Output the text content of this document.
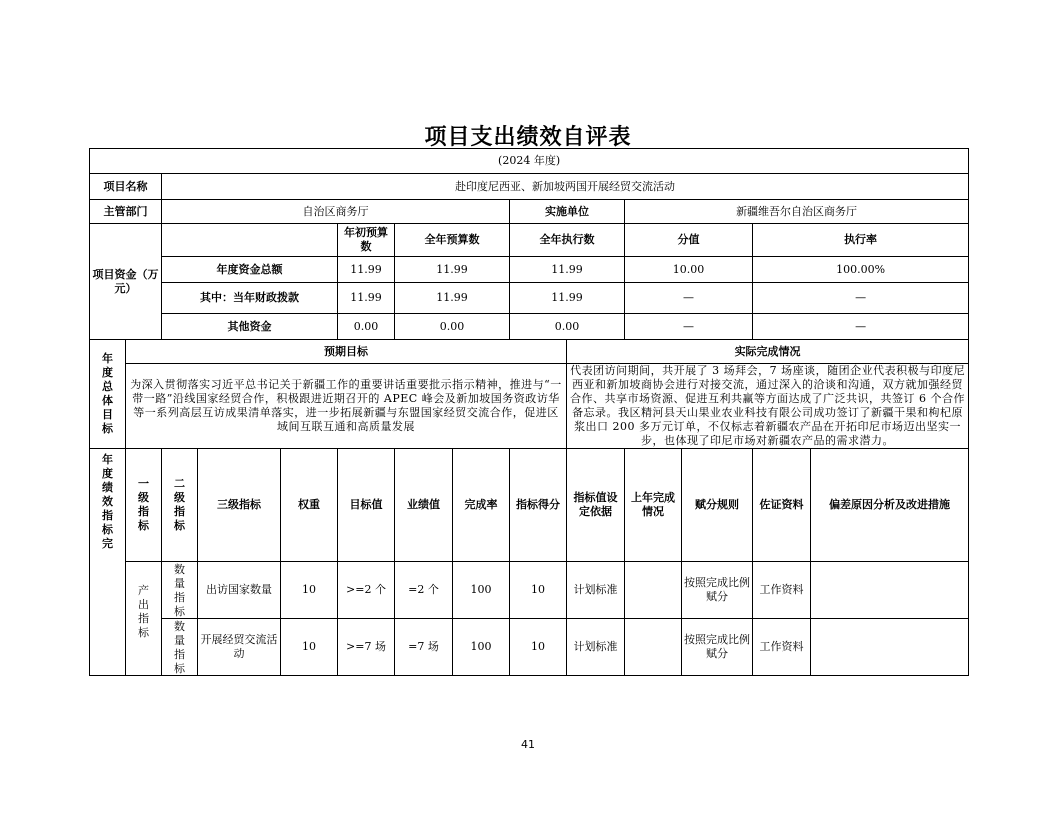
项目支出绩效自评表
(2024 年度)														
项目名称		赴印度尼西亚、新加坡两国开展经贸交流活动												
主管部门		自治区商务厅						实施单位		新疆维吾尔自治区商务厅				
项目资金（万元）					年初预算数	全年预算数		全年执行数		分值		执行率	
		年度资金总额			11.99	11.99		11.99		10.00		100.00%	
		其中：当年财政拨款			11.99	11.99		11.99		—		—	
		其他资金			0.00	0.00		0.00		—		—	
年度总体目标	预期目标								实际完成情况					
	为深入贯彻落实习近平总书记关于新疆工作的重要讲话重要批示指示精神，推进与“一带一路”沿线国家经贸合作，积极跟进近期召开的 APEC 峰会及新加坡国务资政访华等一系列高层互访成果清单落实，进一步拓展新疆与东盟国家经贸交流合作，促进区域间互联互通和高质量发展								代表团访问期间，共开展了 3 场拜会，7 场座谈，随团企业代表积极与印度尼西亚和新加坡商协会进行对接交流，通过深入的洽谈和沟通，双方就加强经贸合作、共享市场资源、促进互利共赢等方面达成了广泛共识，共签订 6 个合作备忘录。我区精河县天山果业农业科技有限公司成功签订了新疆干果和枸杞原浆出口 200 多万元订单，不仅标志着新疆农产品在开拓印尼市场迈出坚实一步，也体现了印尼市场对新疆农产品的需求潜力。					
年度绩效指标完	一级指标	二级指标	三级指标	权重	目标值	业绩值	完成率	指标得分	指标值设定依据	上年完成情况	赋分规则	佐证资料	偏差原因分析及改进措施	
	产出指标	数量指标	出访国家数量	10	>=2 个	=2 个	100	10	计划标准		按照完成比例赋分	工作资料		

		数量指标	开展经贸交流活动	10	>=7 场	=7 场	100	10	计划标准		按照完成比例赋分	工作资料		
41
